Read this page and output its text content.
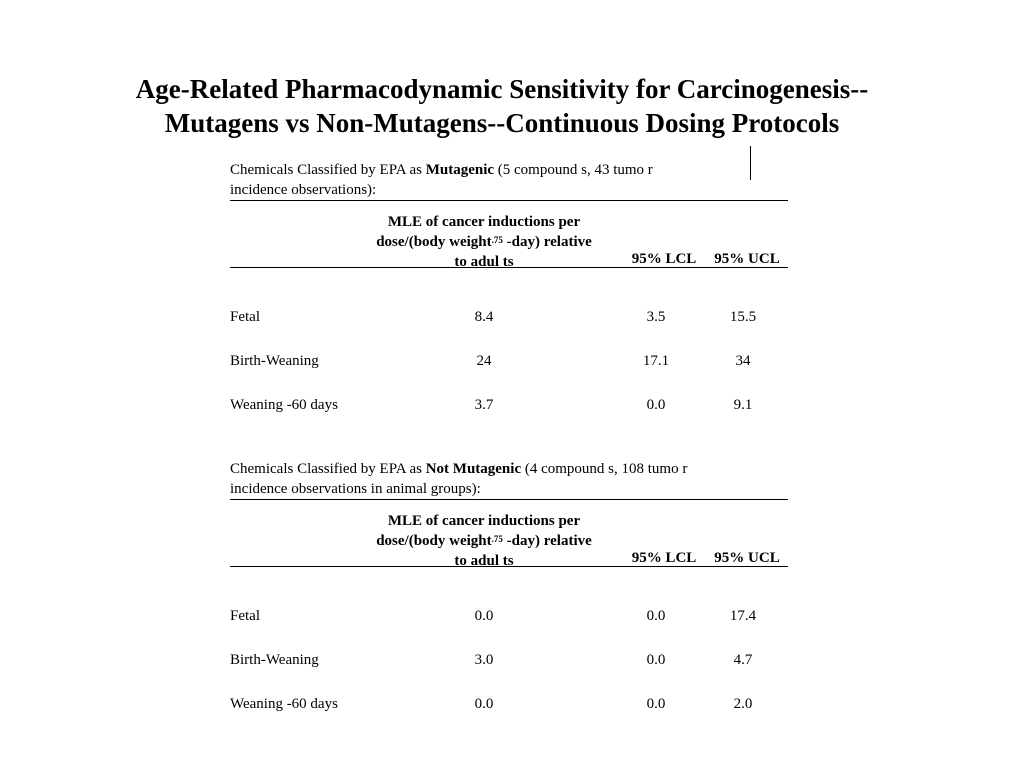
Age-Related Pharmacodynamic Sensitivity for Carcinogenesis--
Mutagens vs Non-Mutagens--Continuous Dosing Protocols
Chemicals Classified by EPA as Mutagenic (5 compound s, 43 tumo r incidence observations):
MLE of cancer inductions per
dose/(body weight$^{.75}$ -day) relative
to adul ts	95% LCL	95% UCL
Fetal	8.4	3.5	15.5
Birth-Weaning	24	17.1	34
Weaning -60 days	3.7	0.0	9.1
Chemicals Classified by EPA as Not Mutagenic (4 compound s, 108 tumo r incidence observations in animal groups):
MLE of cancer inductions per
dose/(body weight$^{.75}$ -day) relative
to adul ts	95% LCL	95% UCL
Fetal	0.0	0.0	17.4
Birth-Weaning	3.0	0.0	4.7
Weaning -60 days	0.0	0.0	2.0
